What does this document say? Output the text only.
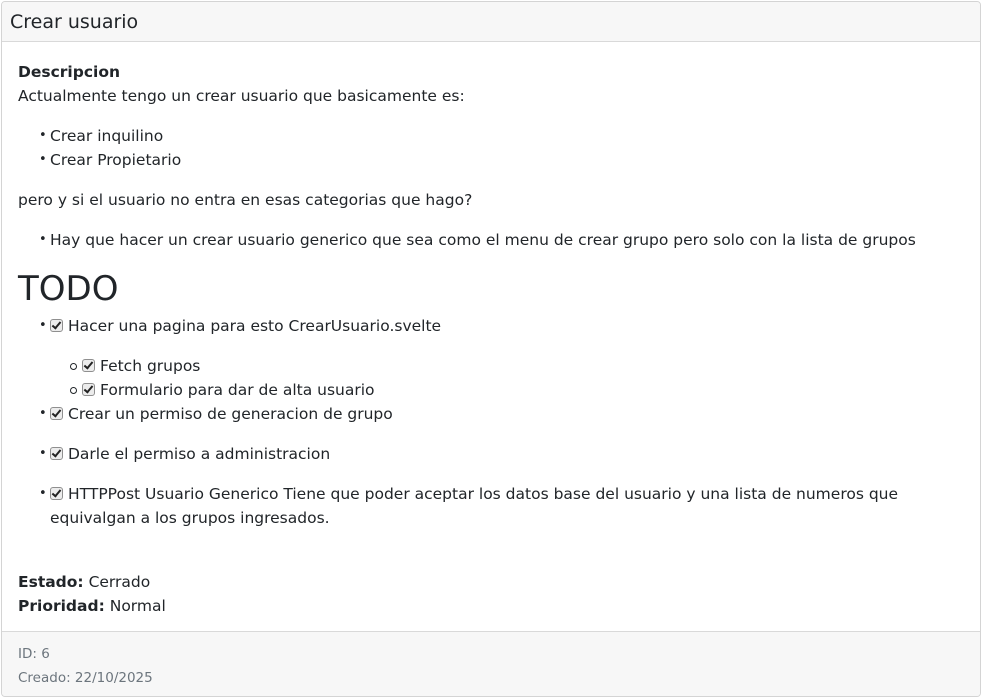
Crear usuario
Descripcion

Actualmente tengo un crear usuario que basicamente es:

• Crear inquilino
• Crear Propietario

pero y si el usuario no entra en esas categorias que hago?

• Hay que hacer un crear usuario generico que sea como el menu de crear grupo pero solo con la lista de grupos
TODO
• Hacer una pagina para esto CrearUsuario.svelte
Fetch grupos
Formulario para dar de alta usuario
• Crear un permiso de generacion de grupo
• Darle el permiso a administracion
• HTTPPost Usuario Generico Tiene que poder aceptar los datos base del usuario y una lista de numeros que equivalgan a los grupos ingresados.
Estado: Cerrado
Prioridad: Normal
ID: 6
Creado: 22/10/2025
